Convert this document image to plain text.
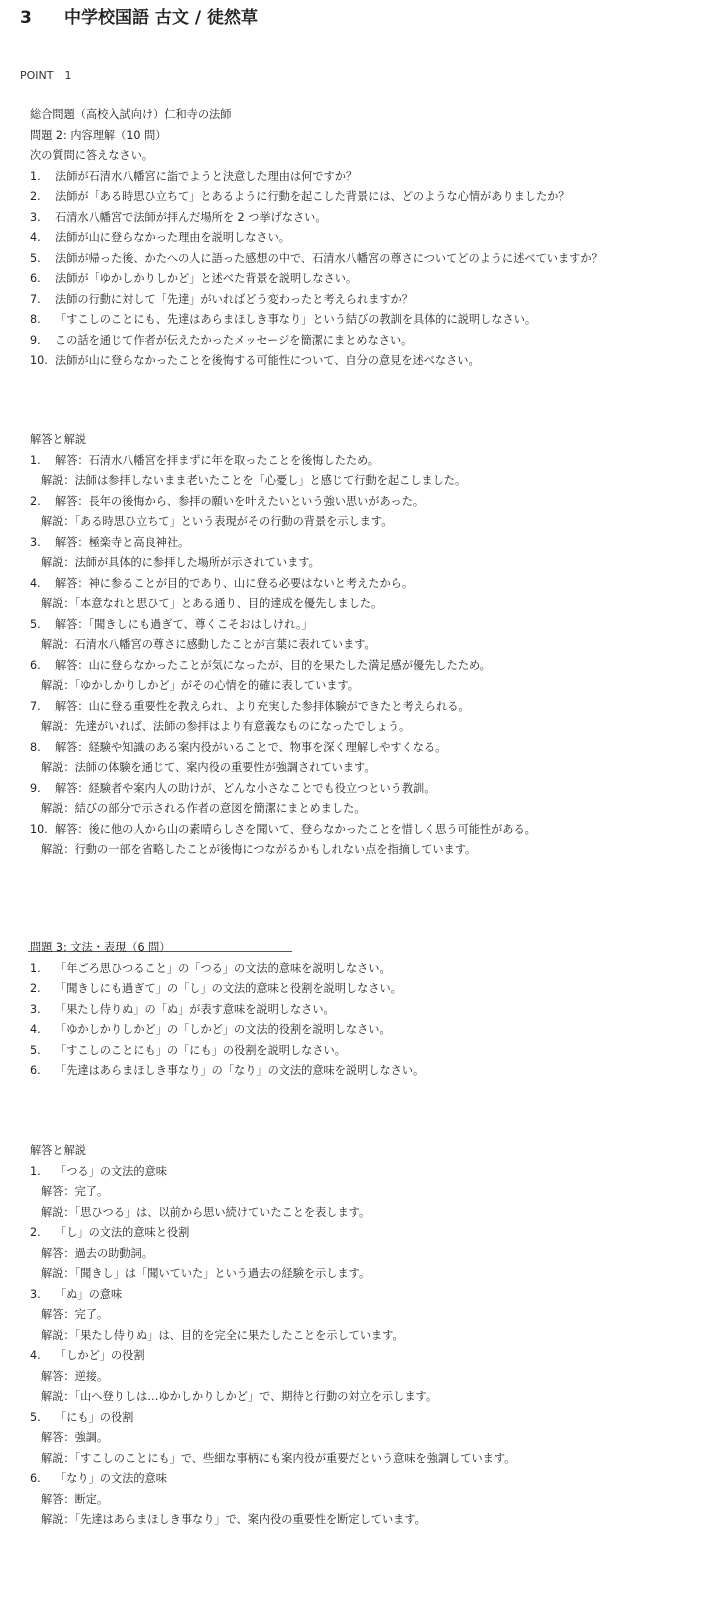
3 中学校国語 古文 / 徒然草
POINT　1
総合問題（高校入試向け）仁和寺の法師
問題 2: 内容理解（10 問）
次の質問に答えなさい。
1.	法師が石清水八幡宮に詣でようと決意した理由は何ですか？
2.	法師が「ある時思ひ立ちて」とあるように行動を起こした背景には、どのような心情がありましたか？
3.	石清水八幡宮で法師が拝んだ場所を 2 つ挙げなさい。
4.	法師が山に登らなかった理由を説明しなさい。
5.	法師が帰った後、かたへの人に語った感想の中で、石清水八幡宮の尊さについてどのように述べていますか？
6.	法師が「ゆかしかりしかど」と述べた背景を説明しなさい。
7.	法師の行動に対して「先達」がいればどう変わったと考えられますか？
8.	「すこしのことにも、先達はあらまほしき事なり」という結びの教訓を具体的に説明しなさい。
9.	この話を通じて作者が伝えたかったメッセージを簡潔にまとめなさい。
10. 法師が山に登らなかったことを後悔する可能性について、自分の意見を述べなさい。
解答と解説
1.	解答：石清水八幡宮を拝まずに年を取ったことを後悔したため。
解説：法師は参拝しないまま老いたことを「心憂し」と感じて行動を起こしました。
2.	解答：長年の後悔から、参拝の願いを叶えたいという強い思いがあった。
解説：「ある時思ひ立ちて」という表現がその行動の背景を示します。
3.	解答：極楽寺と高良神社。
解説：法師が具体的に参拝した場所が示されています。
4.	解答：神に参ることが目的であり、山に登る必要はないと考えたから。
解説：「本意なれと思ひて」とある通り、目的達成を優先しました。
5.	解答：「聞きしにも過ぎて、尊くこそおはしけれ。」
解説：石清水八幡宮の尊さに感動したことが言葉に表れています。
6.	解答：山に登らなかったことが気になったが、目的を果たした満足感が優先したため。
解説：「ゆかしかりしかど」がその心情を的確に表しています。
7.	解答：山に登る重要性を教えられ、より充実した参拝体験ができたと考えられる。
解説：先達がいれば、法師の参拝はより有意義なものになったでしょう。
8.	解答：経験や知識のある案内役がいることで、物事を深く理解しやすくなる。
解説：法師の体験を通じて、案内役の重要性が強調されています。
9.	解答：経験者や案内人の助けが、どんな小さなことでも役立つという教訓。
解説：結びの部分で示される作者の意図を簡潔にまとめました。
10. 解答：後に他の人から山の素晴らしさを聞いて、登らなかったことを惜しく思う可能性がある。
解説：行動の一部を省略したことが後悔につながるかもしれない点を指摘しています。
問題 3: 文法・表現（6 問）
1.	「年ごろ思ひつること」の「つる」の文法的意味を説明しなさい。
2.	「聞きしにも過ぎて」の「し」の文法的意味と役割を説明しなさい。
3.	「果たし侍りぬ」の「ぬ」が表す意味を説明しなさい。
4.	「ゆかしかりしかど」の「しかど」の文法的役割を説明しなさい。
5.	「すこしのことにも」の「にも」の役割を説明しなさい。
6.	「先達はあらまほしき事なり」の「なり」の文法的意味を説明しなさい。
解答と解説
1.	「つる」の文法的意味
解答：完了。
解説：「思ひつる」は、以前から思い続けていたことを表します。
2.	「し」の文法的意味と役割
解答：過去の助動詞。
解説：「聞きし」は「聞いていた」という過去の経験を示します。
3.	「ぬ」の意味
解答：完了。
解説：「果たし侍りぬ」は、目的を完全に果たしたことを示しています。
4.	「しかど」の役割
解答：逆接。
解説：「山へ登りしは…ゆかしかりしかど」で、期待と行動の対立を示します。
5.	「にも」の役割
解答：強調。
解説：「すこしのことにも」で、些細な事柄にも案内役が重要だという意味を強調しています。
6.	「なり」の文法的意味
解答：断定。
解説：「先達はあらまほしき事なり」で、案内役の重要性を断定しています。
